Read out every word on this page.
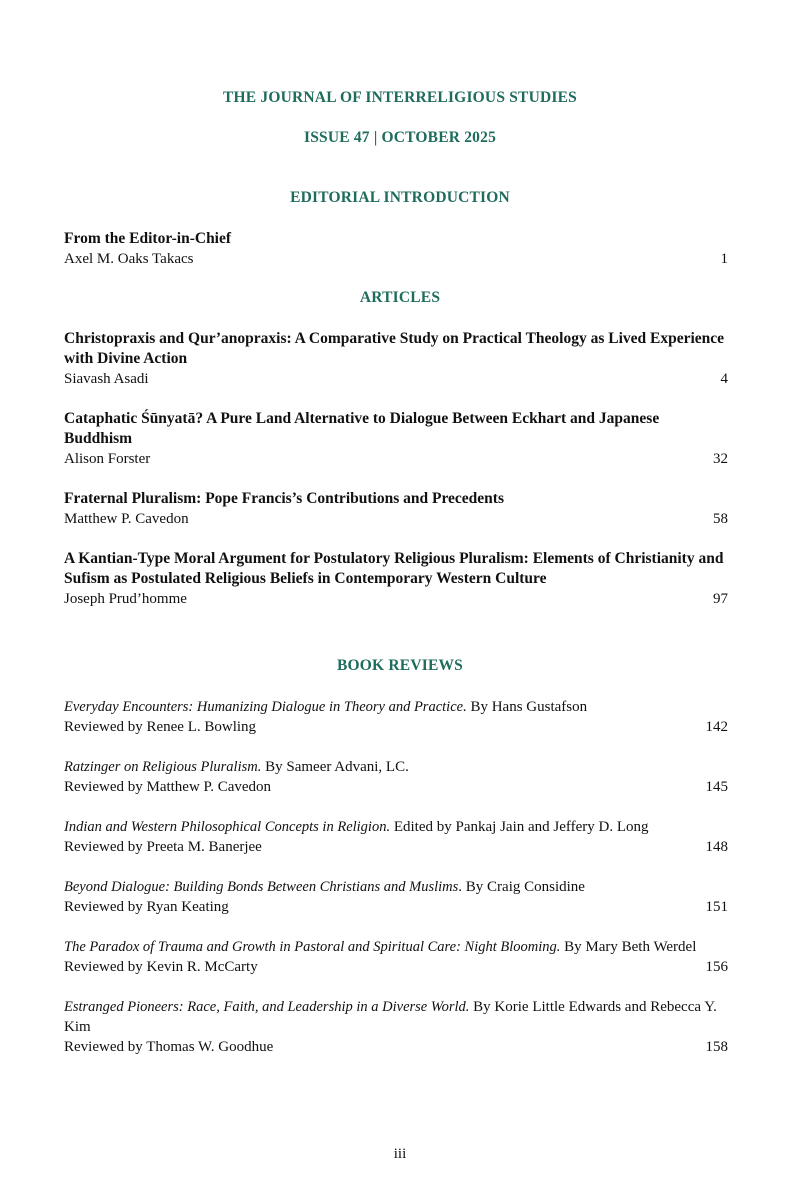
THE JOURNAL OF INTERRELIGIOUS STUDIES
ISSUE 47 | OCTOBER 2025
EDITORIAL INTRODUCTION
From the Editor-in-Chief
Axel M. Oaks Takacs	1
ARTICLES
Christopraxis and Qur’anopraxis: A Comparative Study on Practical Theology as Lived Experience with Divine Action
Siavash Asadi	4
Cataphatic Śūnyatā? A Pure Land Alternative to Dialogue Between Eckhart and Japanese Buddhism
Alison Forster	32
Fraternal Pluralism: Pope Francis’s Contributions and Precedents
Matthew P. Cavedon	58
A Kantian-Type Moral Argument for Postulatory Religious Pluralism: Elements of Christianity and Sufism as Postulated Religious Beliefs in Contemporary Western Culture
Joseph Prud’homme	97
BOOK REVIEWS
Everyday Encounters: Humanizing Dialogue in Theory and Practice. By Hans Gustafson
Reviewed by Renee L. Bowling	142
Ratzinger on Religious Pluralism. By Sameer Advani, LC.
Reviewed by Matthew P. Cavedon	145
Indian and Western Philosophical Concepts in Religion. Edited by Pankaj Jain and Jeffery D. Long
Reviewed by Preeta M. Banerjee	148
Beyond Dialogue: Building Bonds Between Christians and Muslims. By Craig Considine
Reviewed by Ryan Keating	151
The Paradox of Trauma and Growth in Pastoral and Spiritual Care: Night Blooming. By Mary Beth Werdel
Reviewed by Kevin R. McCarty	156
Estranged Pioneers: Race, Faith, and Leadership in a Diverse World. By Korie Little Edwards and Rebecca Y. Kim
Reviewed by Thomas W. Goodhue	158
iii
